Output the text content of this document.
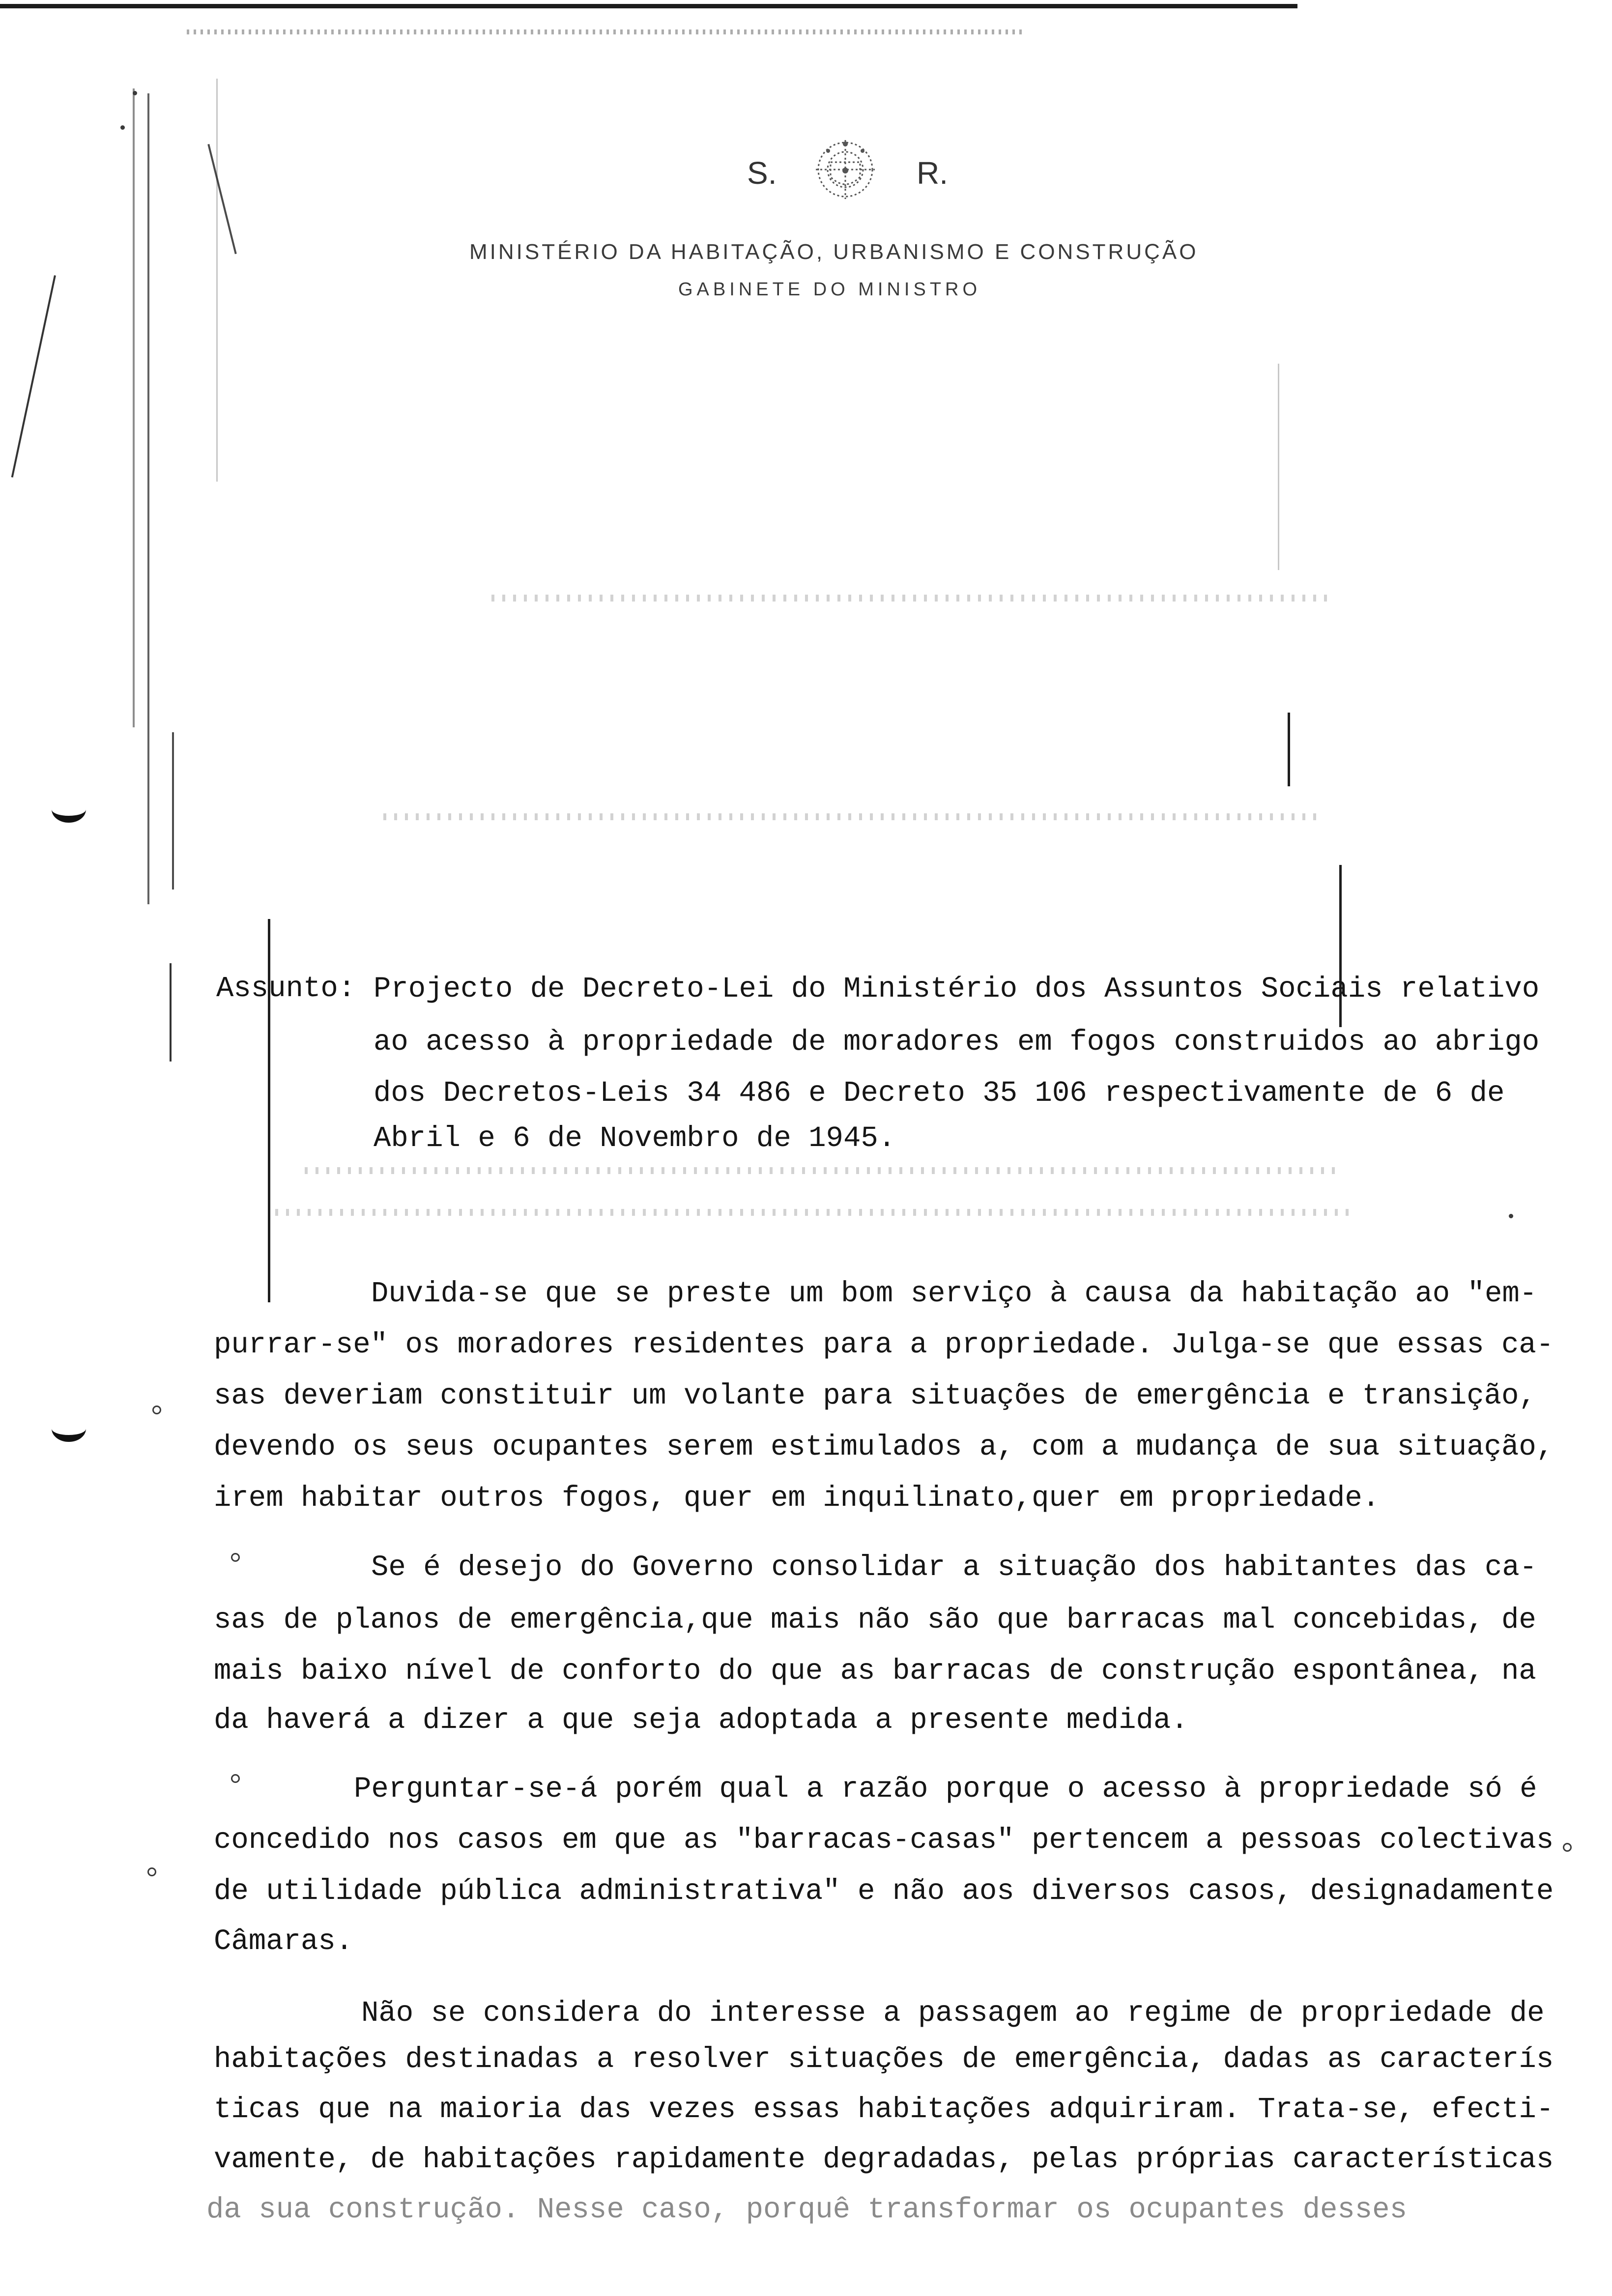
S.	R.
MINISTÉRIO DA HABITAÇÃO, URBANISMO E CONSTRUÇÃO
GABINETE DO MINISTRO
Assunto: Projecto de Decreto-Lei do Ministério dos Assuntos Sociais relativo
ao acesso à propriedade de moradores em fogos construidos ao abrigo
dos Decretos-Leis 34 486 e Decreto 35 106 respectivamente de 6 de
Abril e 6 de Novembro de 1945.
Duvida-se que se preste um bom serviço à causa da habitação ao "em-
purrar-se" os moradores residentes para a propriedade. Julga-se que essas ca-
sas deveriam constituir um volante para situações de emergência e transição,
devendo os seus ocupantes serem estimulados a, com a mudança de sua situação,
irem habitar outros fogos, quer em inquilinato,quer em propriedade.
Se é desejo do Governo consolidar a situação dos habitantes das ca-
sas de planos de emergência,que mais não são que barracas mal concebidas, de
mais baixo nível de conforto do que as barracas de construção espontânea, na
da haverá a dizer a que seja adoptada a presente medida.
Perguntar-se-á porém qual a razão porque o acesso à propriedade só é
concedido nos casos em que as "barracas-casas" pertencem a pessoas colectivas
de utilidade pública administrativa" e não aos diversos casos, designadamente
Câmaras.
Não se considera do interesse a passagem ao regime de propriedade de
habitações destinadas a resolver situações de emergência, dadas as caracterís
ticas que na maioria das vezes essas habitações adquiriram. Trata-se, efecti-
vamente, de habitações rapidamente degradadas, pelas próprias características
da sua construção. Nesse caso, porquê transformar os ocupantes desses
